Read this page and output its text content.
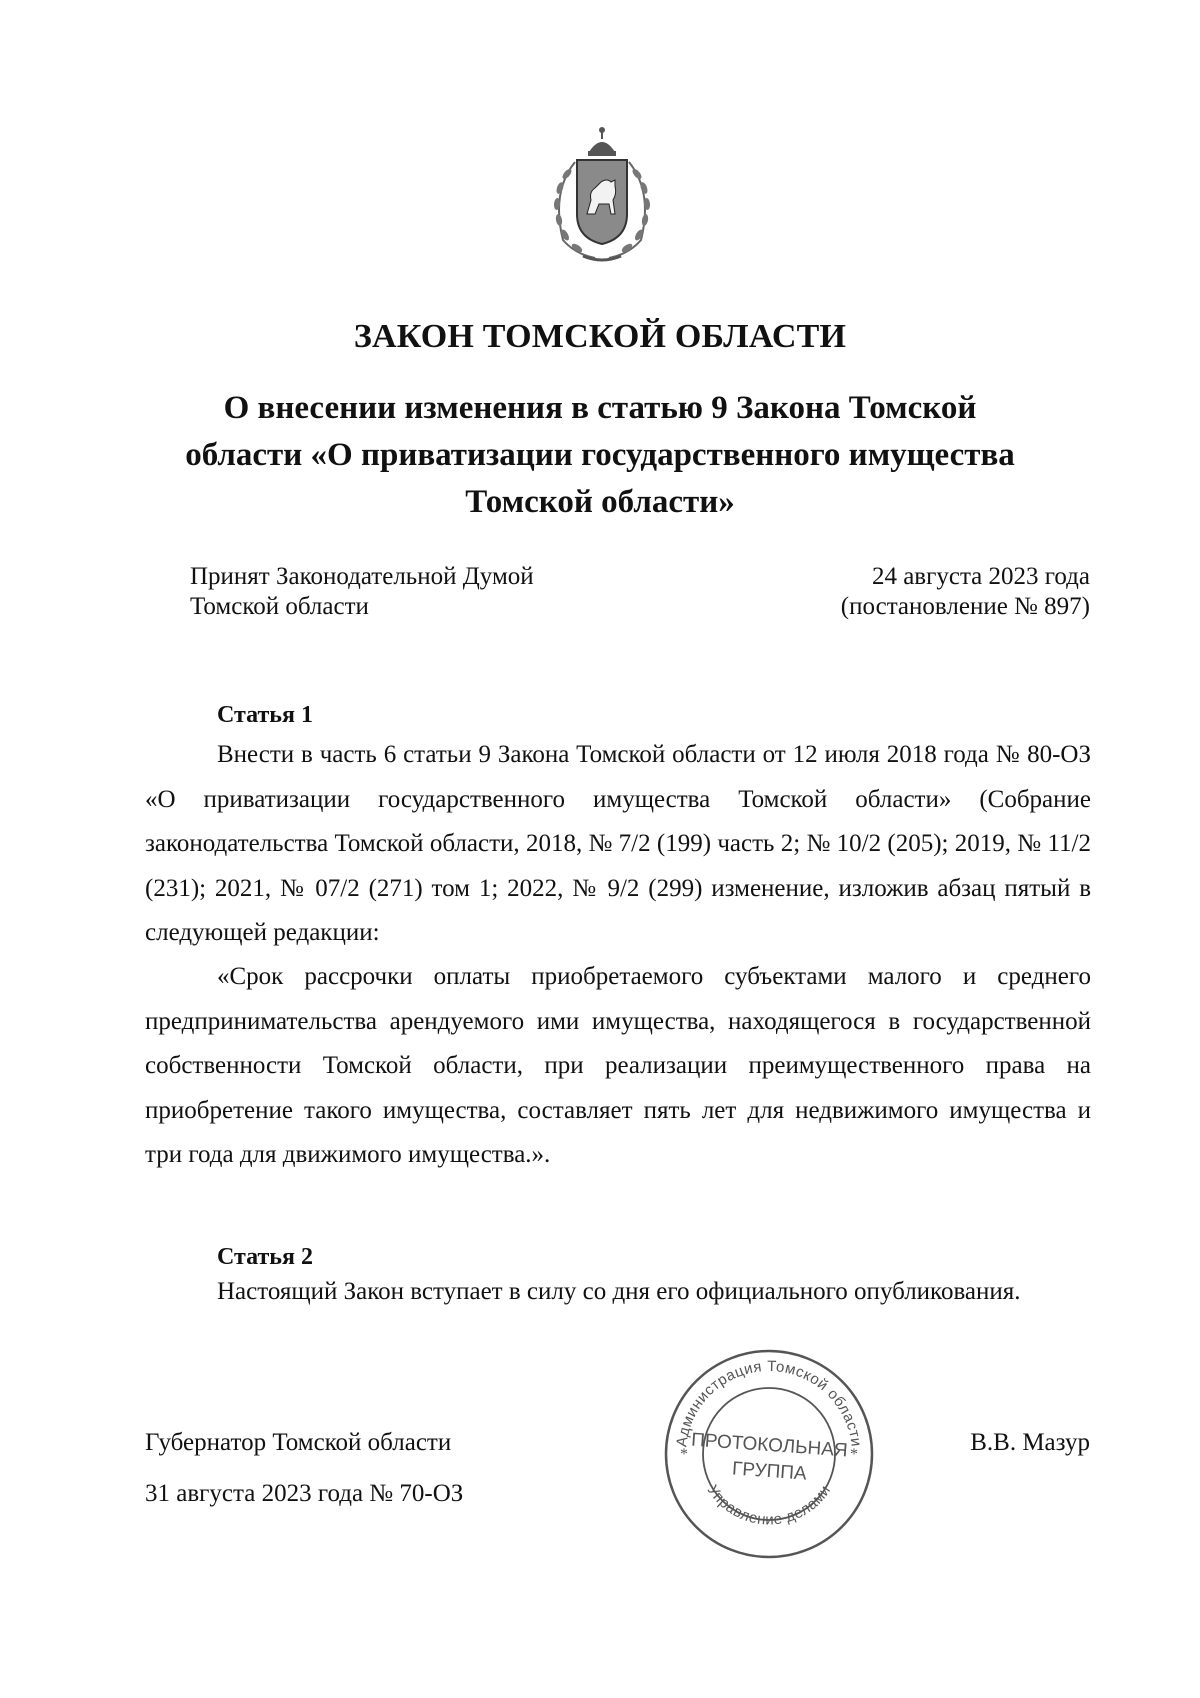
ЗАКОН ТОМСКОЙ ОБЛАСТИ
О внесении изменения в статью 9 Закона Томской
области «О приватизации государственного имущества
Томской области»
Принят Законодательной Думой
Томской области
24 августа 2023 года
(постановление № 897)
Статья 1

Внести в часть 6 статьи 9 Закона Томской области от 12 июля 2018 года № 80-ОЗ «О приватизации государственного имущества Томской области» (Собрание законодательства Томской области, 2018, № 7/2 (199) часть 2; № 10/2 (205); 2019, № 11/2 (231); 2021, № 07/2 (271) том 1; 2022, № 9/2 (299) изменение, изложив абзац пятый в следующей редакции:

«Срок рассрочки оплаты приобретаемого субъектами малого и среднего предпринимательства арендуемого ими имущества, находящегося в государственной собственности Томской области, при реализации преимущественного права на приобретение такого имущества, составляет пять лет для недвижимого имущества и три года для движимого имущества.».

Статья 2

Настоящий Закон вступает в силу со дня его официального опубликования.

Губернатор Томской области
31 августа 2023 года № 70-ОЗ
В.В. Мазур
Администрация Томской области
Управление делами
*	*
ПРОТОКОЛЬНАЯ
ГРУППА
